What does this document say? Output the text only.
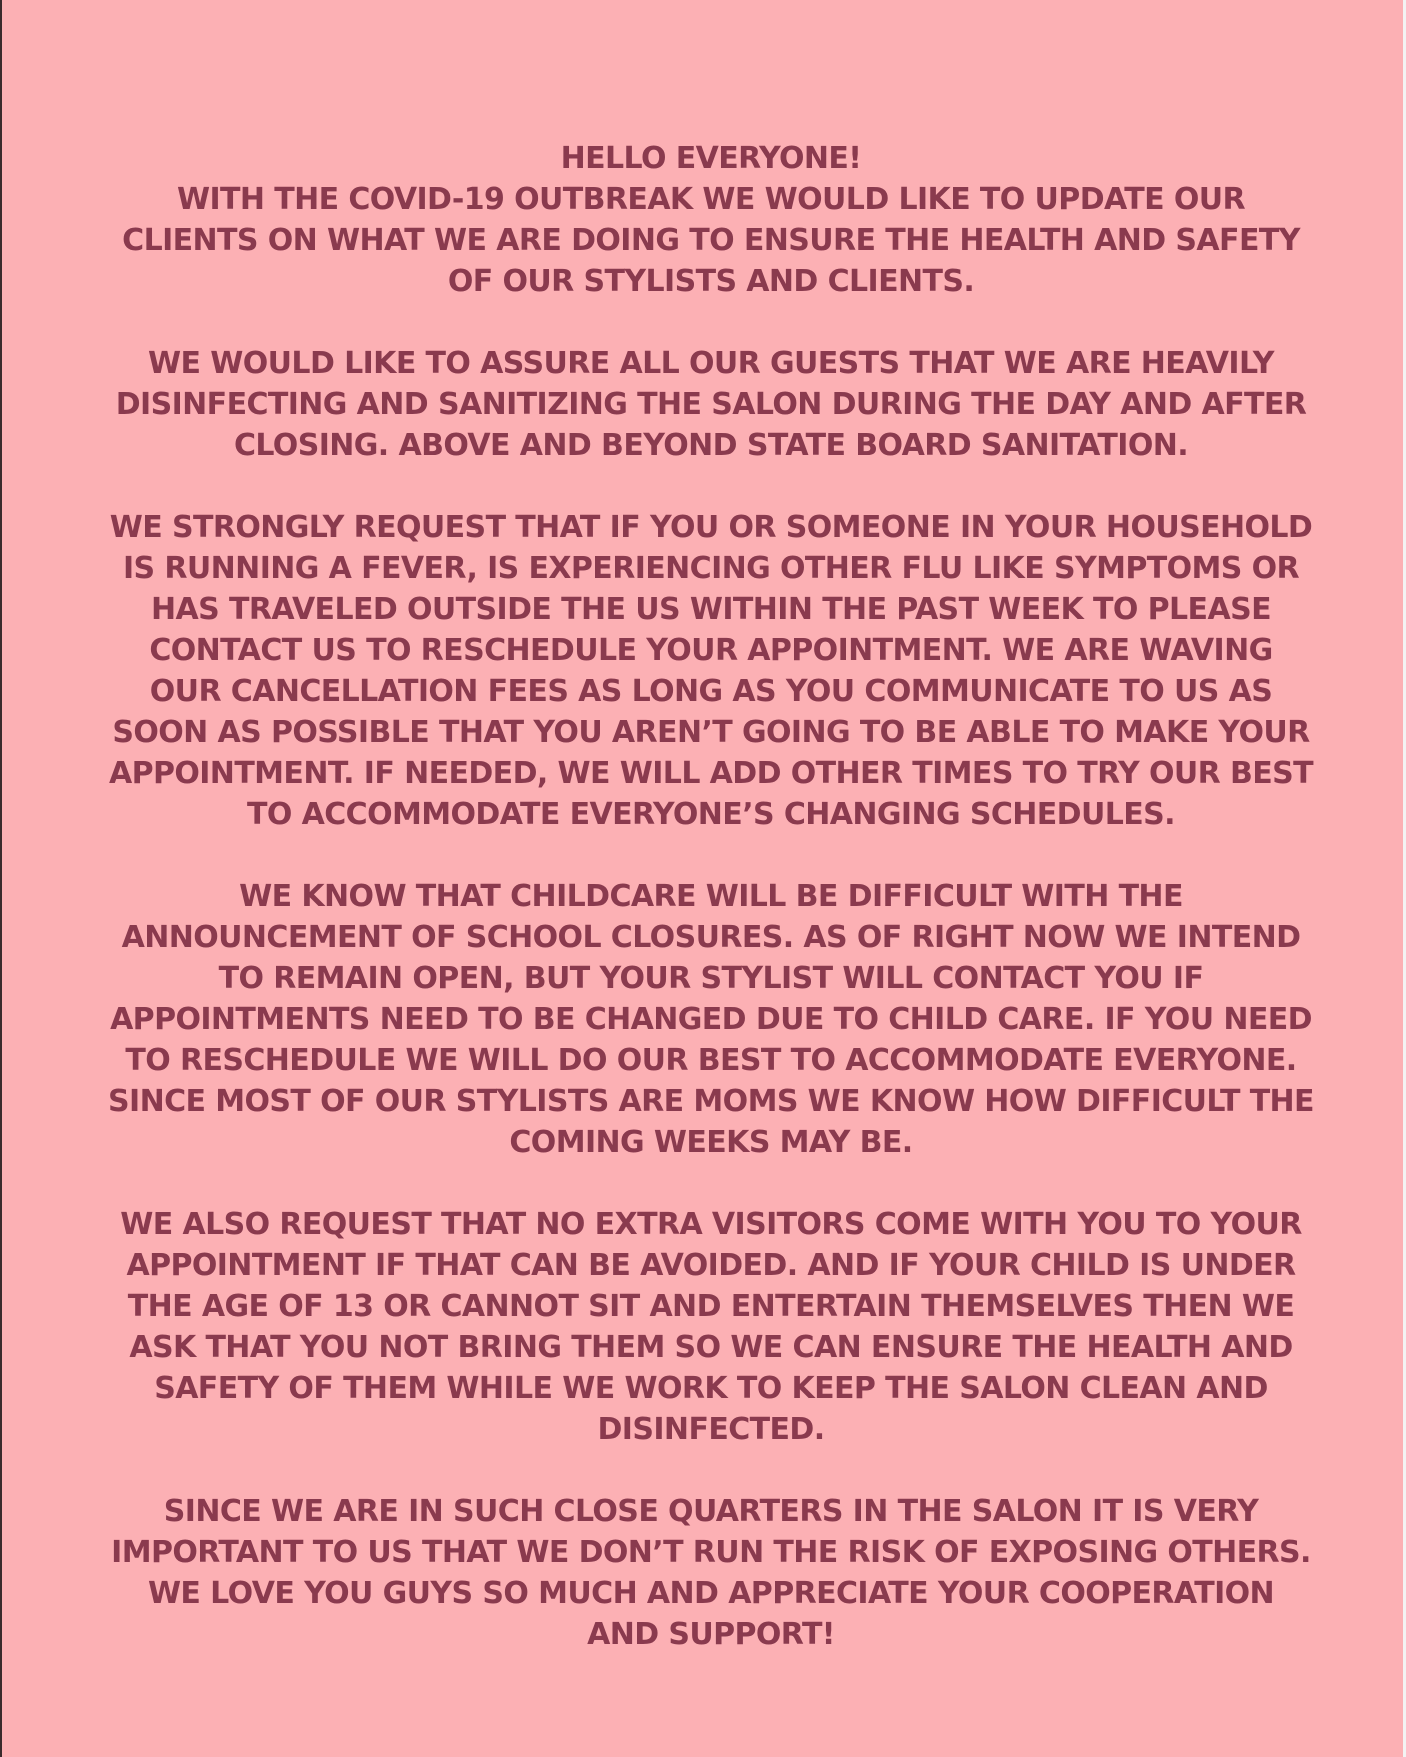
HELLO EVERYONE!
WITH THE COVID-19 OUTBREAK WE WOULD LIKE TO UPDATE OUR
CLIENTS ON WHAT WE ARE DOING TO ENSURE THE HEALTH AND SAFETY
OF OUR STYLISTS AND CLIENTS.
WE WOULD LIKE TO ASSURE ALL OUR GUESTS THAT WE ARE HEAVILY
DISINFECTING AND SANITIZING THE SALON DURING THE DAY AND AFTER
CLOSING. ABOVE AND BEYOND STATE BOARD SANITATION.
WE STRONGLY REQUEST THAT IF YOU OR SOMEONE IN YOUR HOUSEHOLD
IS RUNNING A FEVER, IS EXPERIENCING OTHER FLU LIKE SYMPTOMS OR
HAS TRAVELED OUTSIDE THE US WITHIN THE PAST WEEK TO PLEASE
CONTACT US TO RESCHEDULE YOUR APPOINTMENT. WE ARE WAVING
OUR CANCELLATION FEES AS LONG AS YOU COMMUNICATE TO US AS
SOON AS POSSIBLE THAT YOU AREN’T GOING TO BE ABLE TO MAKE YOUR
APPOINTMENT. IF NEEDED, WE WILL ADD OTHER TIMES TO TRY OUR BEST
TO ACCOMMODATE EVERYONE’S CHANGING SCHEDULES.
WE KNOW THAT CHILDCARE WILL BE DIFFICULT WITH THE
ANNOUNCEMENT OF SCHOOL CLOSURES. AS OF RIGHT NOW WE INTEND
TO REMAIN OPEN, BUT YOUR STYLIST WILL CONTACT YOU IF
APPOINTMENTS NEED TO BE CHANGED DUE TO CHILD CARE. IF YOU NEED
TO RESCHEDULE WE WILL DO OUR BEST TO ACCOMMODATE EVERYONE.
SINCE MOST OF OUR STYLISTS ARE MOMS WE KNOW HOW DIFFICULT THE
COMING WEEKS MAY BE.
WE ALSO REQUEST THAT NO EXTRA VISITORS COME WITH YOU TO YOUR
APPOINTMENT IF THAT CAN BE AVOIDED. AND IF YOUR CHILD IS UNDER
THE AGE OF 13 OR CANNOT SIT AND ENTERTAIN THEMSELVES THEN WE
ASK THAT YOU NOT BRING THEM SO WE CAN ENSURE THE HEALTH AND
SAFETY OF THEM WHILE WE WORK TO KEEP THE SALON CLEAN AND
DISINFECTED.
SINCE WE ARE IN SUCH CLOSE QUARTERS IN THE SALON IT IS VERY
IMPORTANT TO US THAT WE DON’T RUN THE RISK OF EXPOSING OTHERS.
WE LOVE YOU GUYS SO MUCH AND APPRECIATE YOUR COOPERATION
AND SUPPORT!
